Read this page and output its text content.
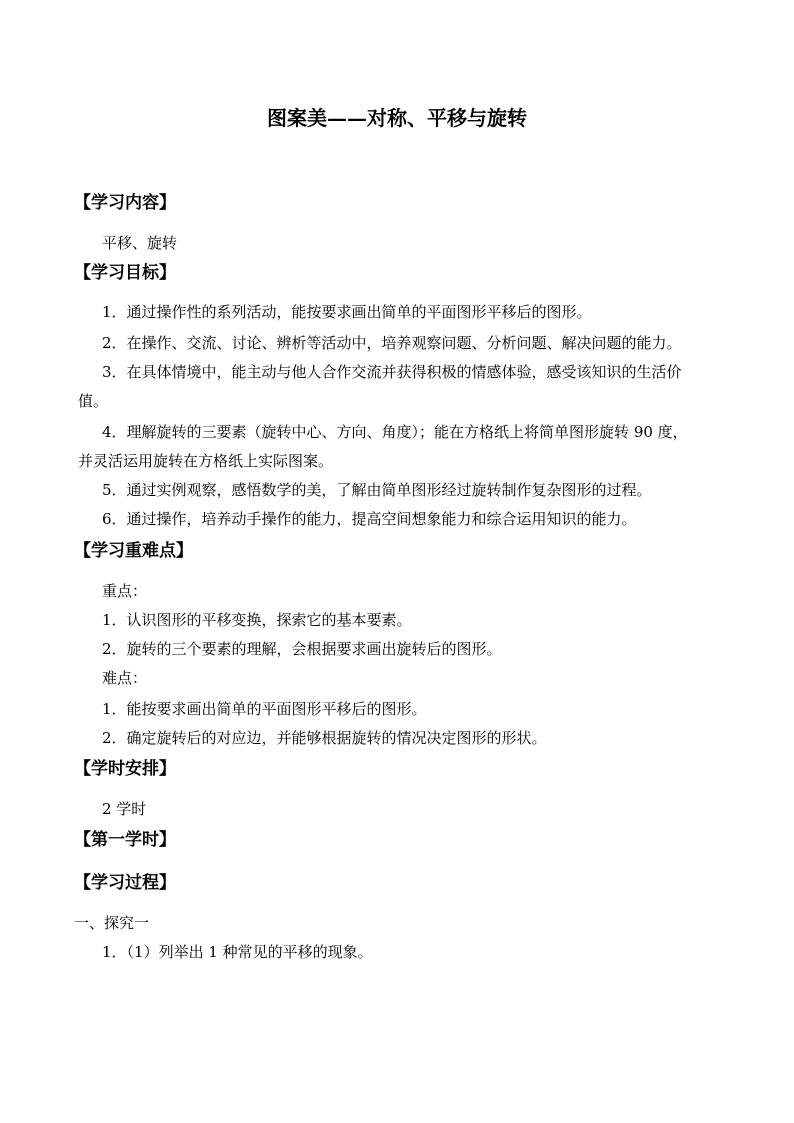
图案美——对称、平移与旋转
【学习内容】
平移、旋转
【学习目标】
1．通过操作性的系列活动，能按要求画出简单的平面图形平移后的图形。
2．在操作、交流、讨论、辨析等活动中，培养观察问题、分析问题、解决问题的能力。
3．在具体情境中，能主动与他人合作交流并获得积极的情感体验，感受该知识的生活价
值。
4．理解旋转的三要素（旋转中心、方向、角度）；能在方格纸上将简单图形旋转 90 度，
并灵活运用旋转在方格纸上实际图案。
5．通过实例观察，感悟数学的美，了解由简单图形经过旋转制作复杂图形的过程。
6．通过操作，培养动手操作的能力，提高空间想象能力和综合运用知识的能力。
【学习重难点】
重点：
1．认识图形的平移变换，探索它的基本要素。
2．旋转的三个要素的理解，会根据要求画出旋转后的图形。
难点：
1．能按要求画出简单的平面图形平移后的图形。
2．确定旋转后的对应边，并能够根据旋转的情况决定图形的形状。
【学时安排】
2 学时
【第一学时】
【学习过程】
一、探究一
1．（1）列举出 1 种常见的平移的现象。
